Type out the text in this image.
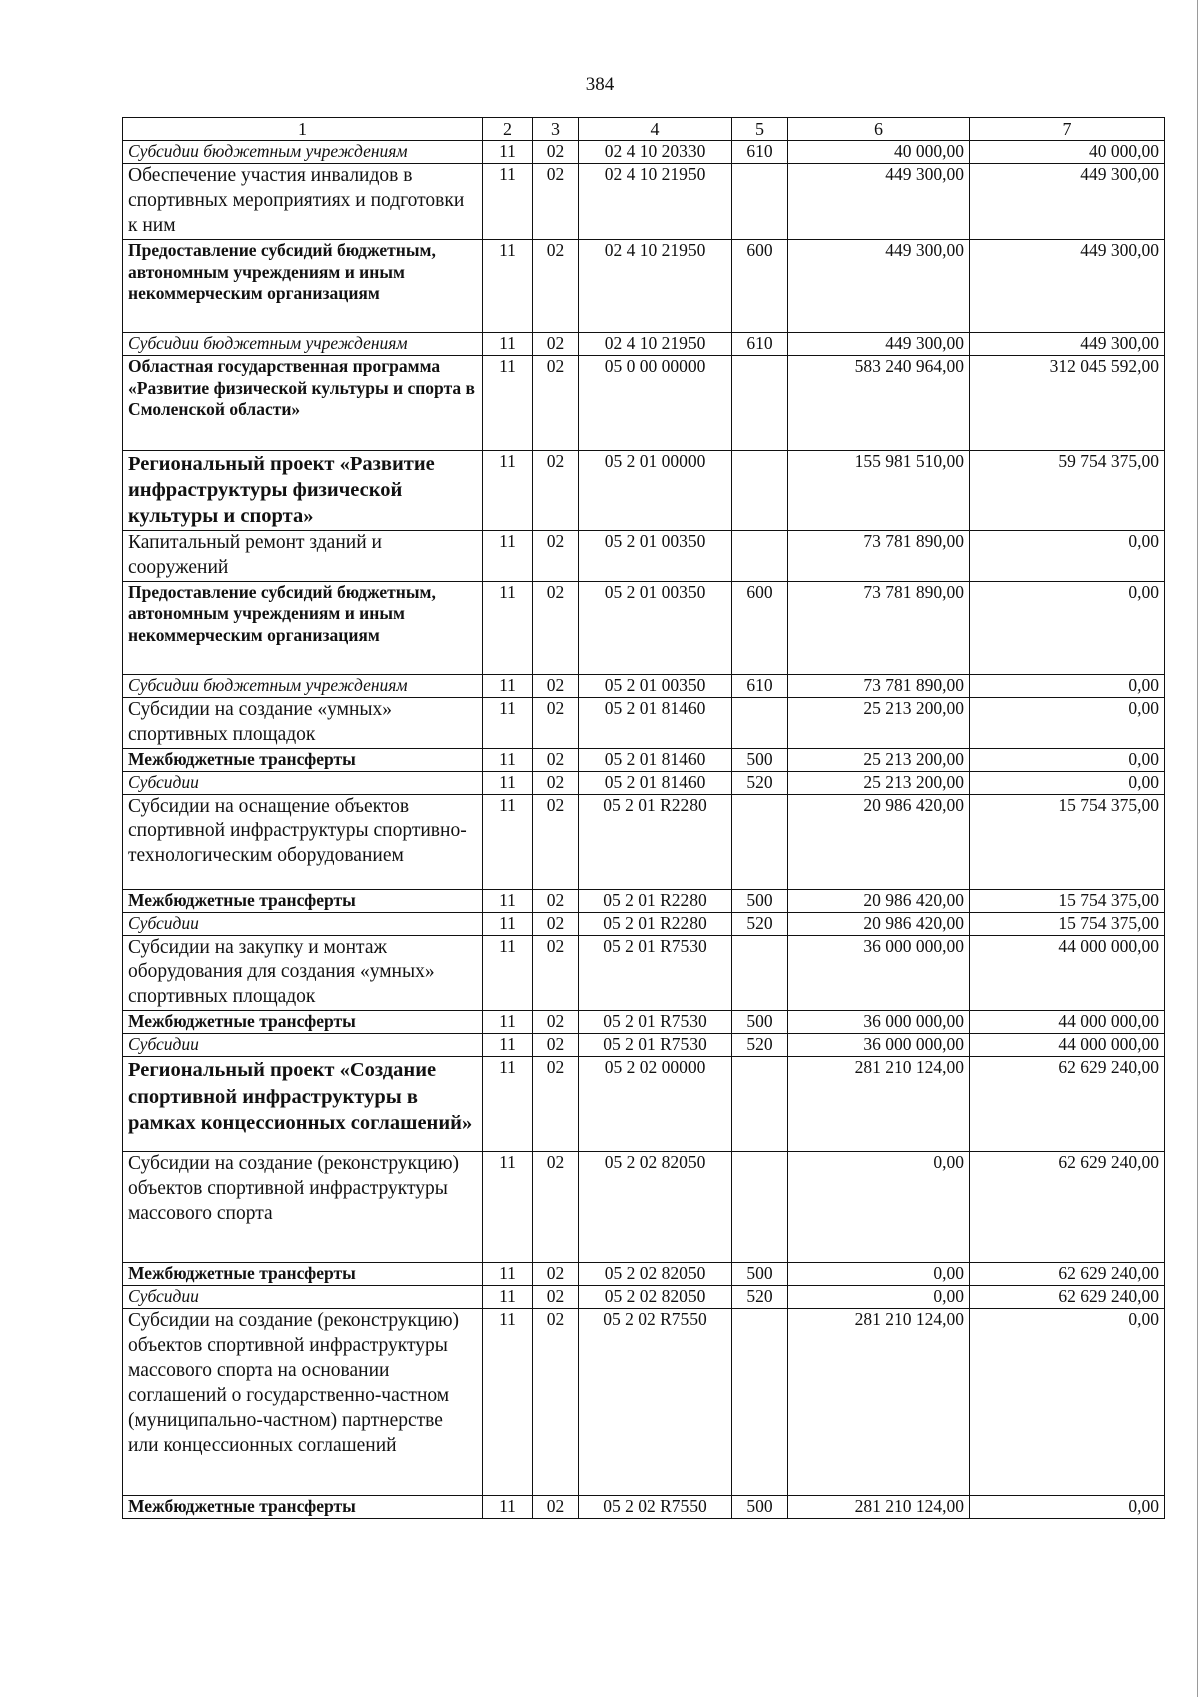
384
1	2	3	4	5	6	7
Субсидии бюджетным учреждениям	11	02	02 4 10 20330	610	40 000,00	40 000,00
Обеспечение участия инвалидов в спортивных мероприятиях и подготовки к ним	11	02	02 4 10 21950		449 300,00	449 300,00
Предоставление субсидий бюджетным, автономным учреждениям и иным некоммерческим организациям	11	02	02 4 10 21950	600	449 300,00	449 300,00
Субсидии бюджетным учреждениям	11	02	02 4 10 21950	610	449 300,00	449 300,00
Областная государственная программа «Развитие физической культуры и спорта в Смоленской области»	11	02	05 0 00 00000		583 240 964,00	312 045 592,00
Региональный проект «Развитие инфраструктуры физической культуры и спорта»	11	02	05 2 01 00000		155 981 510,00	59 754 375,00
Капитальный ремонт зданий и сооружений	11	02	05 2 01 00350		73 781 890,00	0,00
Предоставление субсидий бюджетным, автономным учреждениям и иным некоммерческим организациям	11	02	05 2 01 00350	600	73 781 890,00	0,00
Субсидии бюджетным учреждениям	11	02	05 2 01 00350	610	73 781 890,00	0,00
Субсидии на создание «умных» спортивных площадок	11	02	05 2 01 81460		25 213 200,00	0,00
Межбюджетные трансферты	11	02	05 2 01 81460	500	25 213 200,00	0,00
Субсидии	11	02	05 2 01 81460	520	25 213 200,00	0,00
Субсидии на оснащение объектов спортивной инфраструктуры спортивно-технологическим оборудованием	11	02	05 2 01 R2280		20 986 420,00	15 754 375,00
Межбюджетные трансферты	11	02	05 2 01 R2280	500	20 986 420,00	15 754 375,00
Субсидии	11	02	05 2 01 R2280	520	20 986 420,00	15 754 375,00
Субсидии на закупку и монтаж оборудования для создания «умных» спортивных площадок	11	02	05 2 01 R7530		36 000 000,00	44 000 000,00
Межбюджетные трансферты	11	02	05 2 01 R7530	500	36 000 000,00	44 000 000,00
Субсидии	11	02	05 2 01 R7530	520	36 000 000,00	44 000 000,00
Региональный проект «Создание спортивной инфраструктуры в рамках концессионных соглашений»	11	02	05 2 02 00000		281 210 124,00	62 629 240,00
Субсидии на создание (реконструкцию) объектов спортивной инфраструктуры массового спорта	11	02	05 2 02 82050		0,00	62 629 240,00
Межбюджетные трансферты	11	02	05 2 02 82050	500	0,00	62 629 240,00
Субсидии	11	02	05 2 02 82050	520	0,00	62 629 240,00
Субсидии на создание (реконструкцию) объектов спортивной инфраструктуры массового спорта на основании соглашений о государственно-частном (муниципально-частном) партнерстве или концессионных соглашений	11	02	05 2 02 R7550		281 210 124,00	0,00
Межбюджетные трансферты	11	02	05 2 02 R7550	500	281 210 124,00	0,00
